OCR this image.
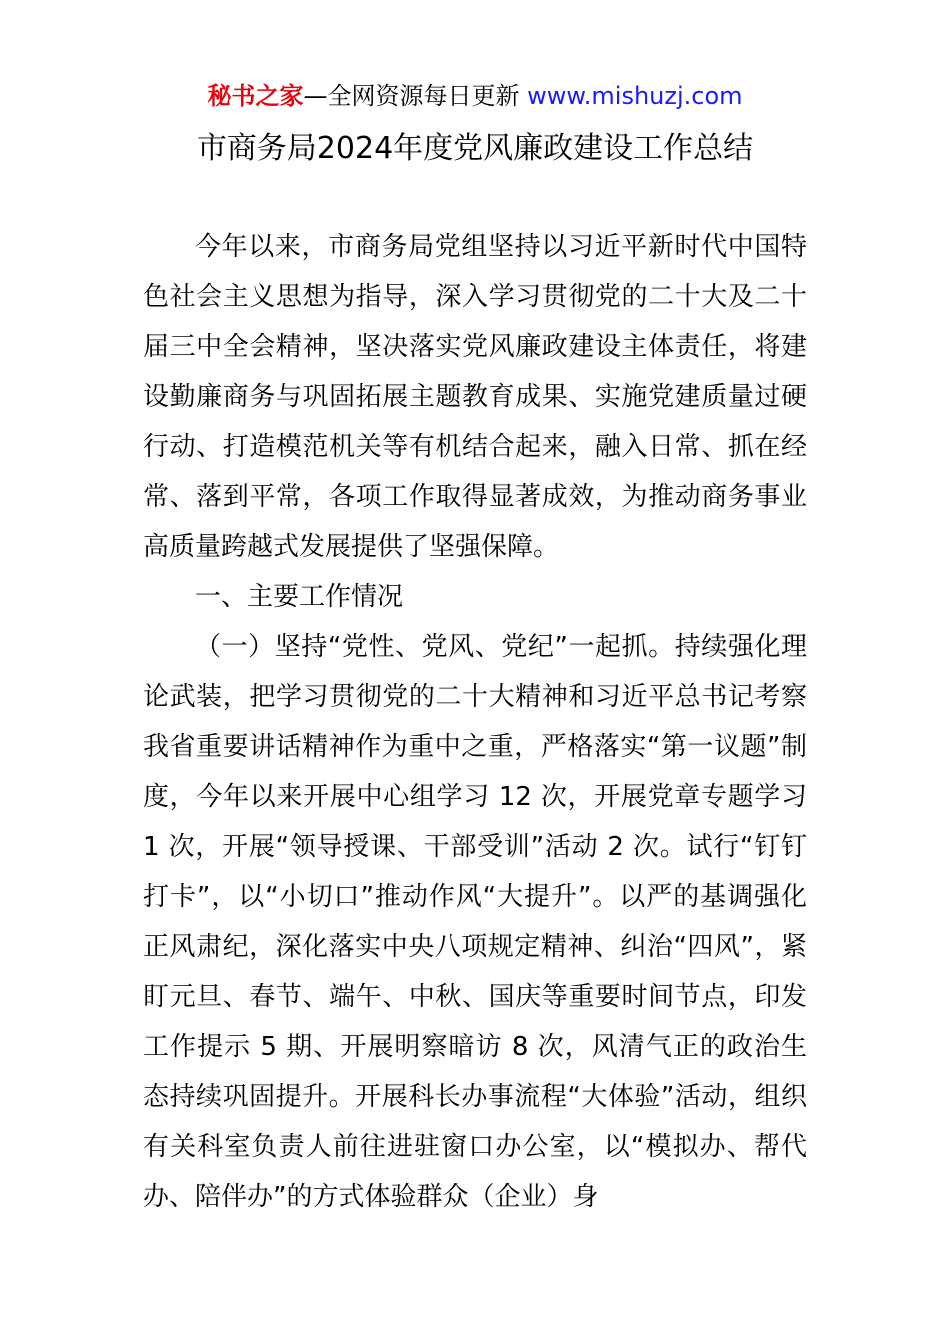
秘书之家—全网资源每日更新 www.mishuzj.com
市商务局2024年度党风廉政建设工作总结

今年以来，市商务局党组坚持以习近平新时代中国特色社会主义思想为指导，深入学习贯彻党的二十大及二十届三中全会精神，坚决落实党风廉政建设主体责任，将建设勤廉商务与巩固拓展主题教育成果、实施党建质量过硬行动、打造模范机关等有机结合起来，融入日常、抓在经常、落到平常，各项工作取得显著成效，为推动商务事业高质量跨越式发展提供了坚强保障。

一、主要工作情况

（一）坚持“党性、党风、党纪”一起抓。持续强化理论武装，把学习贯彻党的二十大精神和习近平总书记考察我省重要讲话精神作为重中之重，严格落实“第一议题”制度，今年以来开展中心组学习 12 次，开展党章专题学习 1 次，开展“领导授课、干部受训”活动 2 次。试行“钉钉打卡”，以“小切口”推动作风“大提升”。以严的基调强化正风肃纪，深化落实中央八项规定精神、纠治“四风”，紧盯元旦、春节、端午、中秋、国庆等重要时间节点，印发工作提示 5 期、开展明察暗访 8 次，风清气正的政治生态持续巩固提升。开展科长办事流程“大体验”活动，组织有关科室负责人前往进驻窗口办公室，以“模拟办、帮代办、陪伴办”的方式体验群众（企业）身
